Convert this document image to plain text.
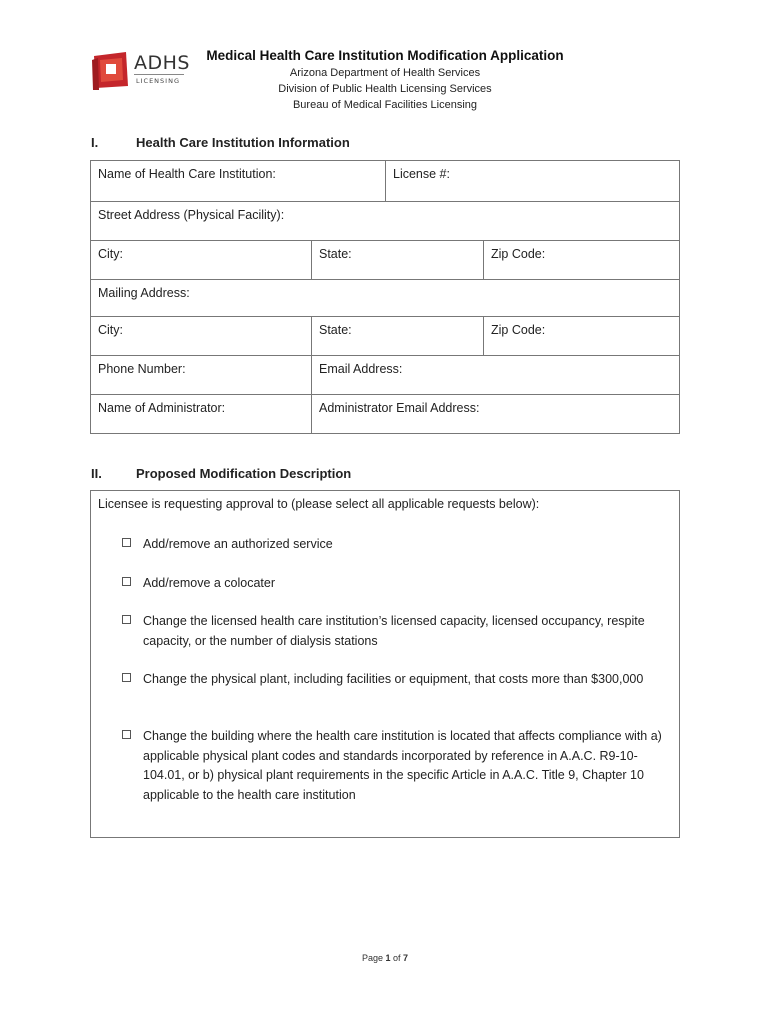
ADHS
LICENSING
Medical Health Care Institution Modification Application
Arizona Department of Health Services
Division of Public Health Licensing Services
Bureau of Medical Facilities Licensing
I.	Health Care Institution Information
Name of Health Care Institution:	License #:
Street Address (Physical Facility):
City:	State:	Zip Code:
Mailing Address:
City:	State:	Zip Code:
Phone Number:	Email Address:
Name of Administrator:	Administrator Email Address:
II.	Proposed Modification Description
Licensee is requesting approval to (please select all applicable requests below):
Add/remove an authorized service
Add/remove a colocater
Change the licensed health care institution’s licensed capacity, licensed occupancy, respite capacity, or the number of dialysis stations
Change the physical plant, including facilities or equipment, that costs more than $300,000
Change the building where the health care institution is located that affects compliance with a) applicable physical plant codes and standards incorporated by reference in A.A.C. R9-10-104.01, or b) physical plant requirements in the specific Article in A.A.C. Title 9, Chapter 10 applicable to the health care institution
Page 1 of 7
